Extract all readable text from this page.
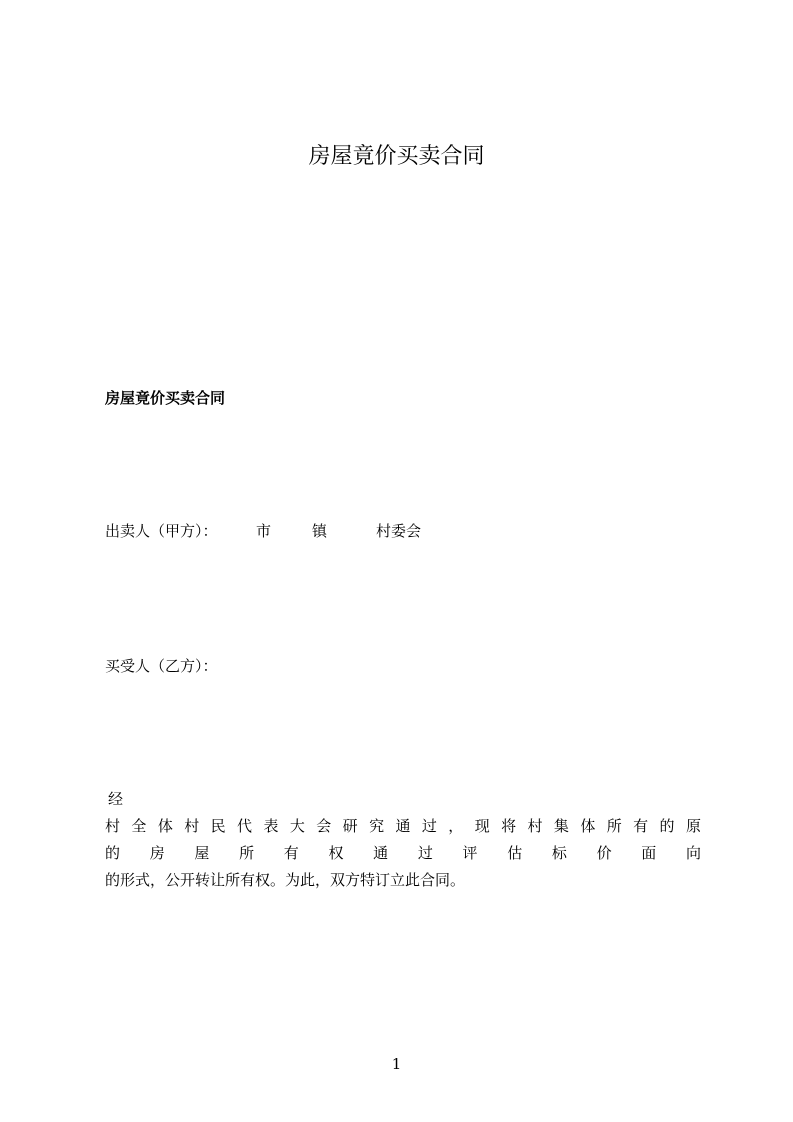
房屋竟价买卖合同
房屋竟价买卖合同
出卖人（甲方）：	市	镇	村委会
买受人（乙方）：
经
村 全 体 村 民 代 表 大 会 研 究 通 过 ， 现 将 村 集 体 所 有 的 原
的 房 屋 所 有 权 通 过 评 估 标 价 面 向
的形式，公开转让所有权。为此，双方特订立此合同。
1
